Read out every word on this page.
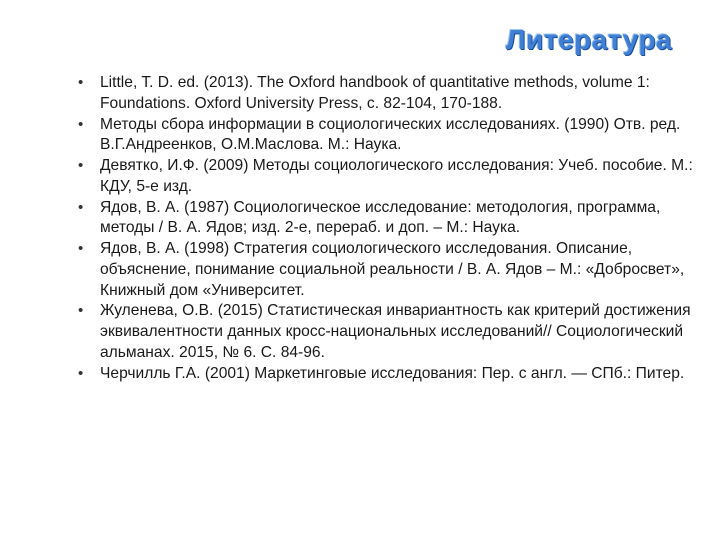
Литература
• Little, T. D. ed. (2013). The Oxford handbook of quantitative methods, volume 1: Foundations. Oxford University Press, c. 82-104, 170-188.
• Методы сбора информации в социологических исследованиях. (1990) Отв. ред. В.Г.Андреенков, О.М.Маслова. М.: Наука.
• Девятко, И.Ф. (2009) Методы социологического исследования: Учеб. пособие. М.: КДУ, 5-е изд.
• Ядов, В. А. (1987) Социологическое исследование: методология, программа, методы / В. А. Ядов; изд. 2-е, перераб. и доп. – М.: Наука.
• Ядов, В. А. (1998) Стратегия социологического исследования. Описание, объяснение, понимание социальной реальности / В. А. Ядов – М.: «Добросвет», Книжный дом «Университет.
• Жуленева, О.В. (2015) Статистическая инвариантность как критерий достижения эквивалентности данных кросс-национальных исследований// Социологический альманах. 2015, № 6. С. 84-96.
• Черчилль Г.А. (2001) Маркетинговые исследования: Пер. с англ. — СПб.: Питер.
